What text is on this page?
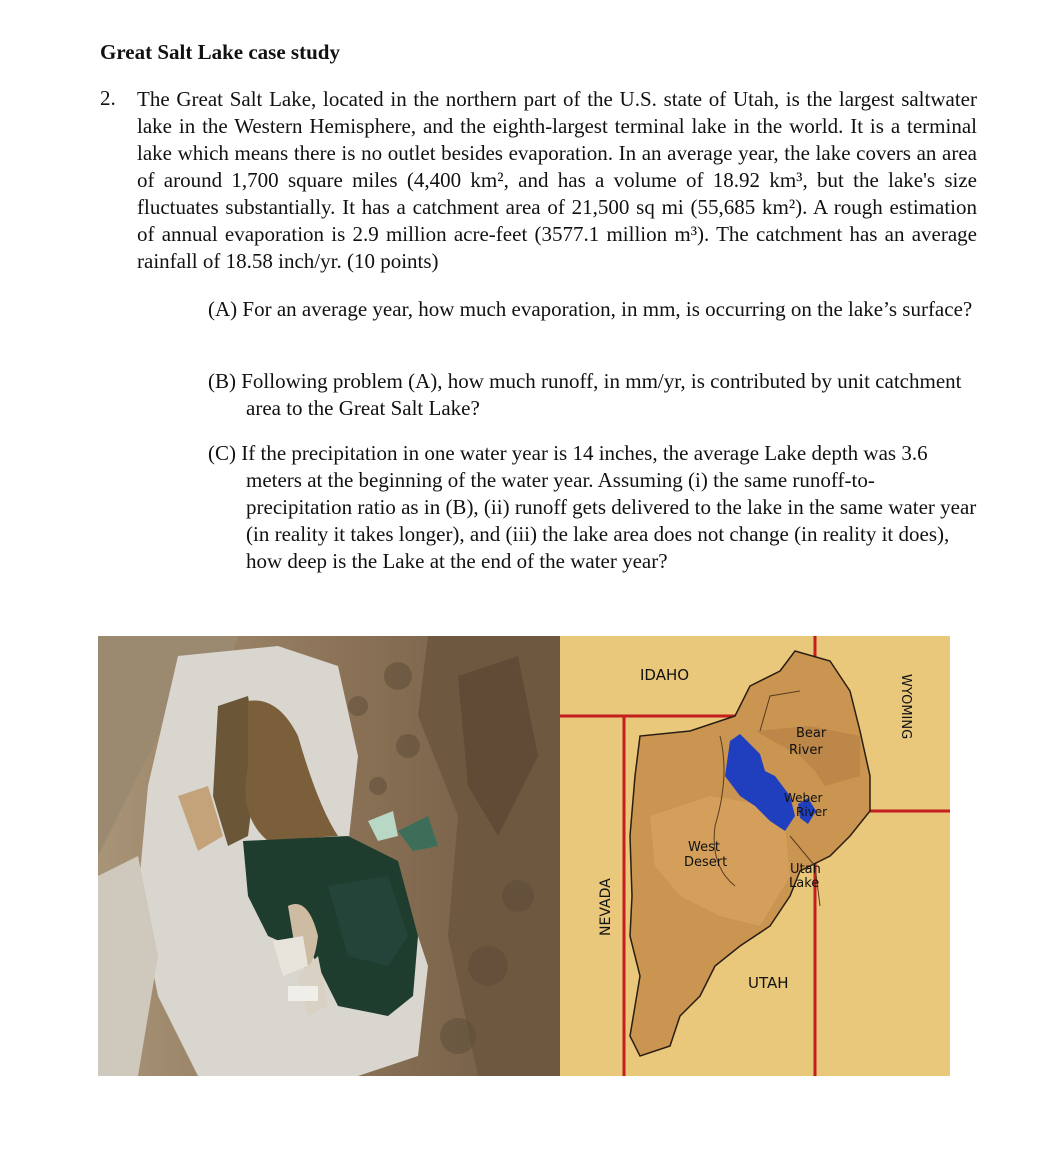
Great Salt Lake case study
2. The Great Salt Lake, located in the northern part of the U.S. state of Utah, is the largest saltwater lake in the Western Hemisphere, and the eighth-largest terminal lake in the world. It is a terminal lake which means there is no outlet besides evaporation. In an average year, the lake covers an area of around 1,700 square miles (4,400 km², and has a volume of 18.92 km³, but the lake's size fluctuates substantially. It has a catchment area of 21,500 sq mi (55,685 km²). A rough estimation of annual evaporation is 2.9 million acre-feet (3577.1 million m³). The catchment has an average rainfall of 18.58 inch/yr. (10 points)
(A) For an average year, how much evaporation, in mm, is occurring on the lake’s surface?
(B) Following problem (A), how much runoff, in mm/yr, is contributed by unit catchment area to the Great Salt Lake?
(C) If the precipitation in one water year is 14 inches, the average Lake depth was 3.6 meters at the beginning of the water year. Assuming (i) the same runoff-to-precipitation ratio as in (B), (ii) runoff gets delivered to the lake in the same water year (in reality it takes longer), and (iii) the lake area does not change (in reality it does), how deep is the Lake at the end of the water year?
IDAHO	WYOMING
NEVADA
UTAH
Bear
River
Weber
River
West
Desert	Utah
Lake
